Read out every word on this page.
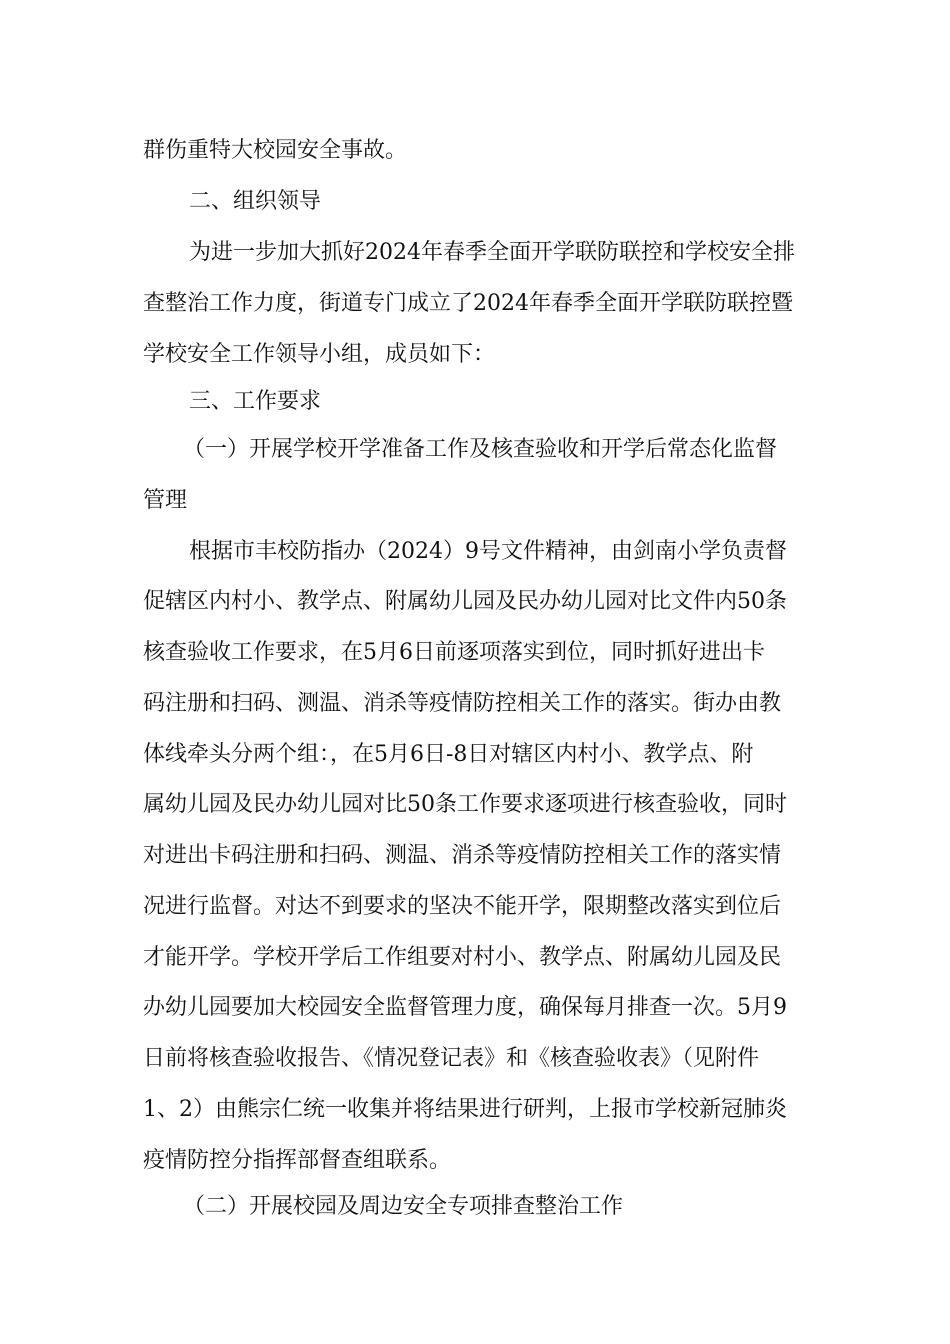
群伤重特大校园安全事故。
二、组织领导
为进一步加大抓好2024年春季全面开学联防联控和学校安全排
查整治工作力度，街道专门成立了2024年春季全面开学联防联控暨
学校安全工作领导小组，成员如下：
三、工作要求
（一）开展学校开学准备工作及核查验收和开学后常态化监督
管理
根据市丰校防指办（2024）9号文件精神，由剑南小学负责督
促辖区内村小、教学点、附属幼儿园及民办幼儿园对比文件内50条
核查验收工作要求，在5月6日前逐项落实到位，同时抓好进出卡
码注册和扫码、测温、消杀等疫情防控相关工作的落实。街办由教
体线牵头分两个组：，在5月6日-8日对辖区内村小、教学点、附
属幼儿园及民办幼儿园对比50条工作要求逐项进行核查验收，同时
对进出卡码注册和扫码、测温、消杀等疫情防控相关工作的落实情
况进行监督。对达不到要求的坚决不能开学，限期整改落实到位后
才能开学。学校开学后工作组要对村小、教学点、附属幼儿园及民
办幼儿园要加大校园安全监督管理力度，确保每月排查一次。5月9
日前将核查验收报告、《情况登记表》和《核查验收表》（见附件
1、2）由熊宗仁统一收集并将结果进行研判，上报市学校新冠肺炎
疫情防控分指挥部督查组联系。
（二）开展校园及周边安全专项排查整治工作
